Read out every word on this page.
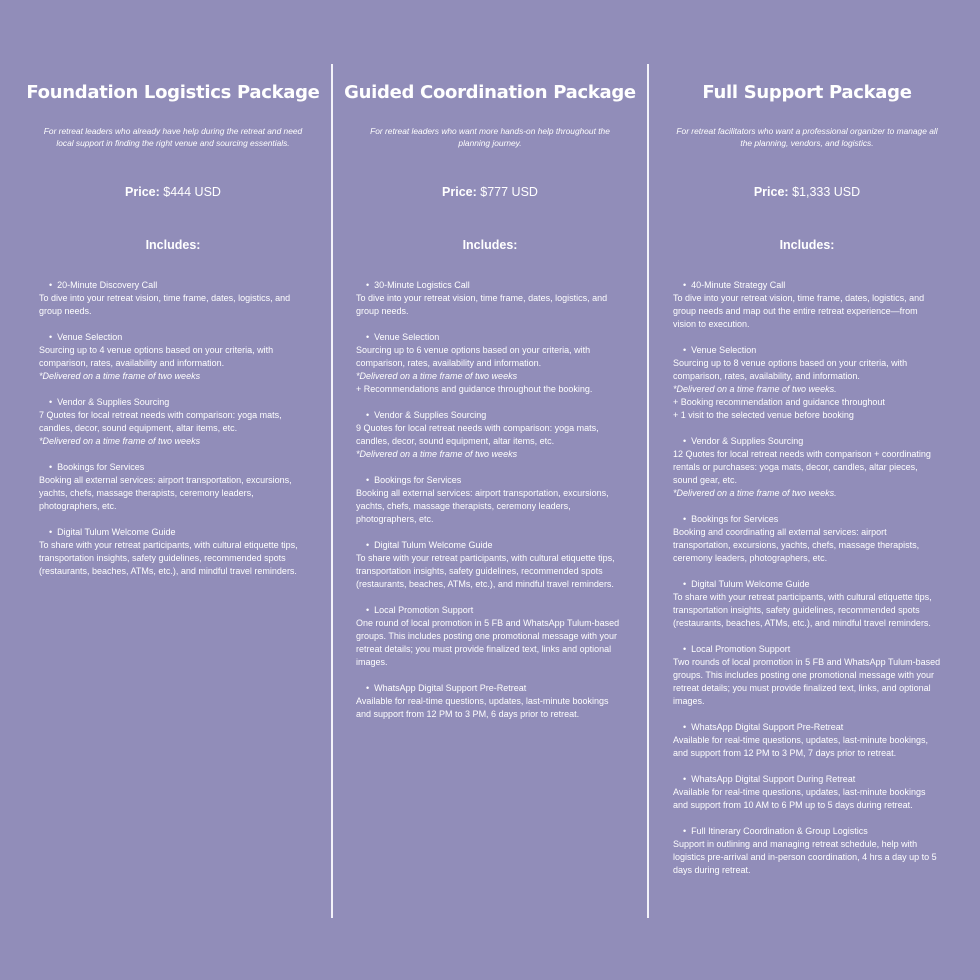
Foundation Logistics Package
For retreat leaders who already have help during the retreat and need local support in finding the right venue and sourcing essentials.
Price: $444 USD
Includes:
• 20-Minute Discovery Call
To dive into your retreat vision, time frame, dates, logistics, and group needs.
• Venue Selection
Sourcing up to 4 venue options based on your criteria, with comparison, rates, availability and information.
*Delivered on a time frame of two weeks
• Vendor & Supplies Sourcing
7 Quotes for local retreat needs with comparison: yoga mats, candles, decor, sound equipment, altar items, etc.
*Delivered on a time frame of two weeks
• Bookings for Services
Booking all external services: airport transportation, excursions, yachts, chefs, massage therapists, ceremony leaders, photographers, etc.
• Digital Tulum Welcome Guide
To share with your retreat participants, with cultural etiquette tips, transportation insights, safety guidelines, recommended spots (restaurants, beaches, ATMs, etc.), and mindful travel reminders.
Guided Coordination Package
For retreat leaders who want more hands-on help throughout the planning journey.
Price: $777 USD
Includes:
• 30-Minute Logistics Call
To dive into your retreat vision, time frame, dates, logistics, and group needs.
• Venue Selection
Sourcing up to 6 venue options based on your criteria, with comparison, rates, availability and information.
*Delivered on a time frame of two weeks
+ Recommendations and guidance throughout the booking.
• Vendor & Supplies Sourcing
9 Quotes for local retreat needs with comparison: yoga mats, candles, decor, sound equipment, altar items, etc.
*Delivered on a time frame of two weeks
• Bookings for Services
Booking all external services: airport transportation, excursions, yachts, chefs, massage therapists, ceremony leaders, photographers, etc.
• Digital Tulum Welcome Guide
To share with your retreat participants, with cultural etiquette tips, transportation insights, safety guidelines, recommended spots (restaurants, beaches, ATMs, etc.), and mindful travel reminders.
• Local Promotion Support
One round of local promotion in 5 FB and WhatsApp Tulum-based groups. This includes posting one promotional message with your retreat details; you must provide finalized text, links and optional images.
• WhatsApp Digital Support Pre-Retreat
Available for real-time questions, updates, last-minute bookings and support from 12 PM to 3 PM, 6 days prior to retreat.
Full Support Package
For retreat facilitators who want a professional organizer to manage all the planning, vendors, and logistics.
Price: $1,333 USD
Includes:
• 40-Minute Strategy Call
To dive into your retreat vision, time frame, dates, logistics, and group needs and map out the entire retreat experience—from vision to execution.
• Venue Selection
Sourcing up to 8 venue options based on your criteria, with comparison, rates, availability, and information.
*Delivered on a time frame of two weeks.
+ Booking recommendation and guidance throughout
+ 1 visit to the selected venue before booking
• Vendor & Supplies Sourcing
12 Quotes for local retreat needs with comparison + coordinating rentals or purchases: yoga mats, decor, candles, altar pieces, sound gear, etc.
*Delivered on a time frame of two weeks.
• Bookings for Services
Booking and coordinating all external services: airport transportation, excursions, yachts, chefs, massage therapists, ceremony leaders, photographers, etc.
• Digital Tulum Welcome Guide
To share with your retreat participants, with cultural etiquette tips, transportation insights, safety guidelines, recommended spots (restaurants, beaches, ATMs, etc.), and mindful travel reminders.
• Local Promotion Support
Two rounds of local promotion in 5 FB and WhatsApp Tulum-based groups. This includes posting one promotional message with your retreat details; you must provide finalized text, links, and optional images.
• WhatsApp Digital Support Pre-Retreat
Available for real-time questions, updates, last-minute bookings, and support from 12 PM to 3 PM, 7 days prior to retreat.
• WhatsApp Digital Support During Retreat
Available for real-time questions, updates, last-minute bookings and support from 10 AM to 6 PM up to 5 days during retreat.
• Full Itinerary Coordination & Group Logistics
Support in outlining and managing retreat schedule, help with logistics pre-arrival and in-person coordination, 4 hrs a day up to 5 days during retreat.
